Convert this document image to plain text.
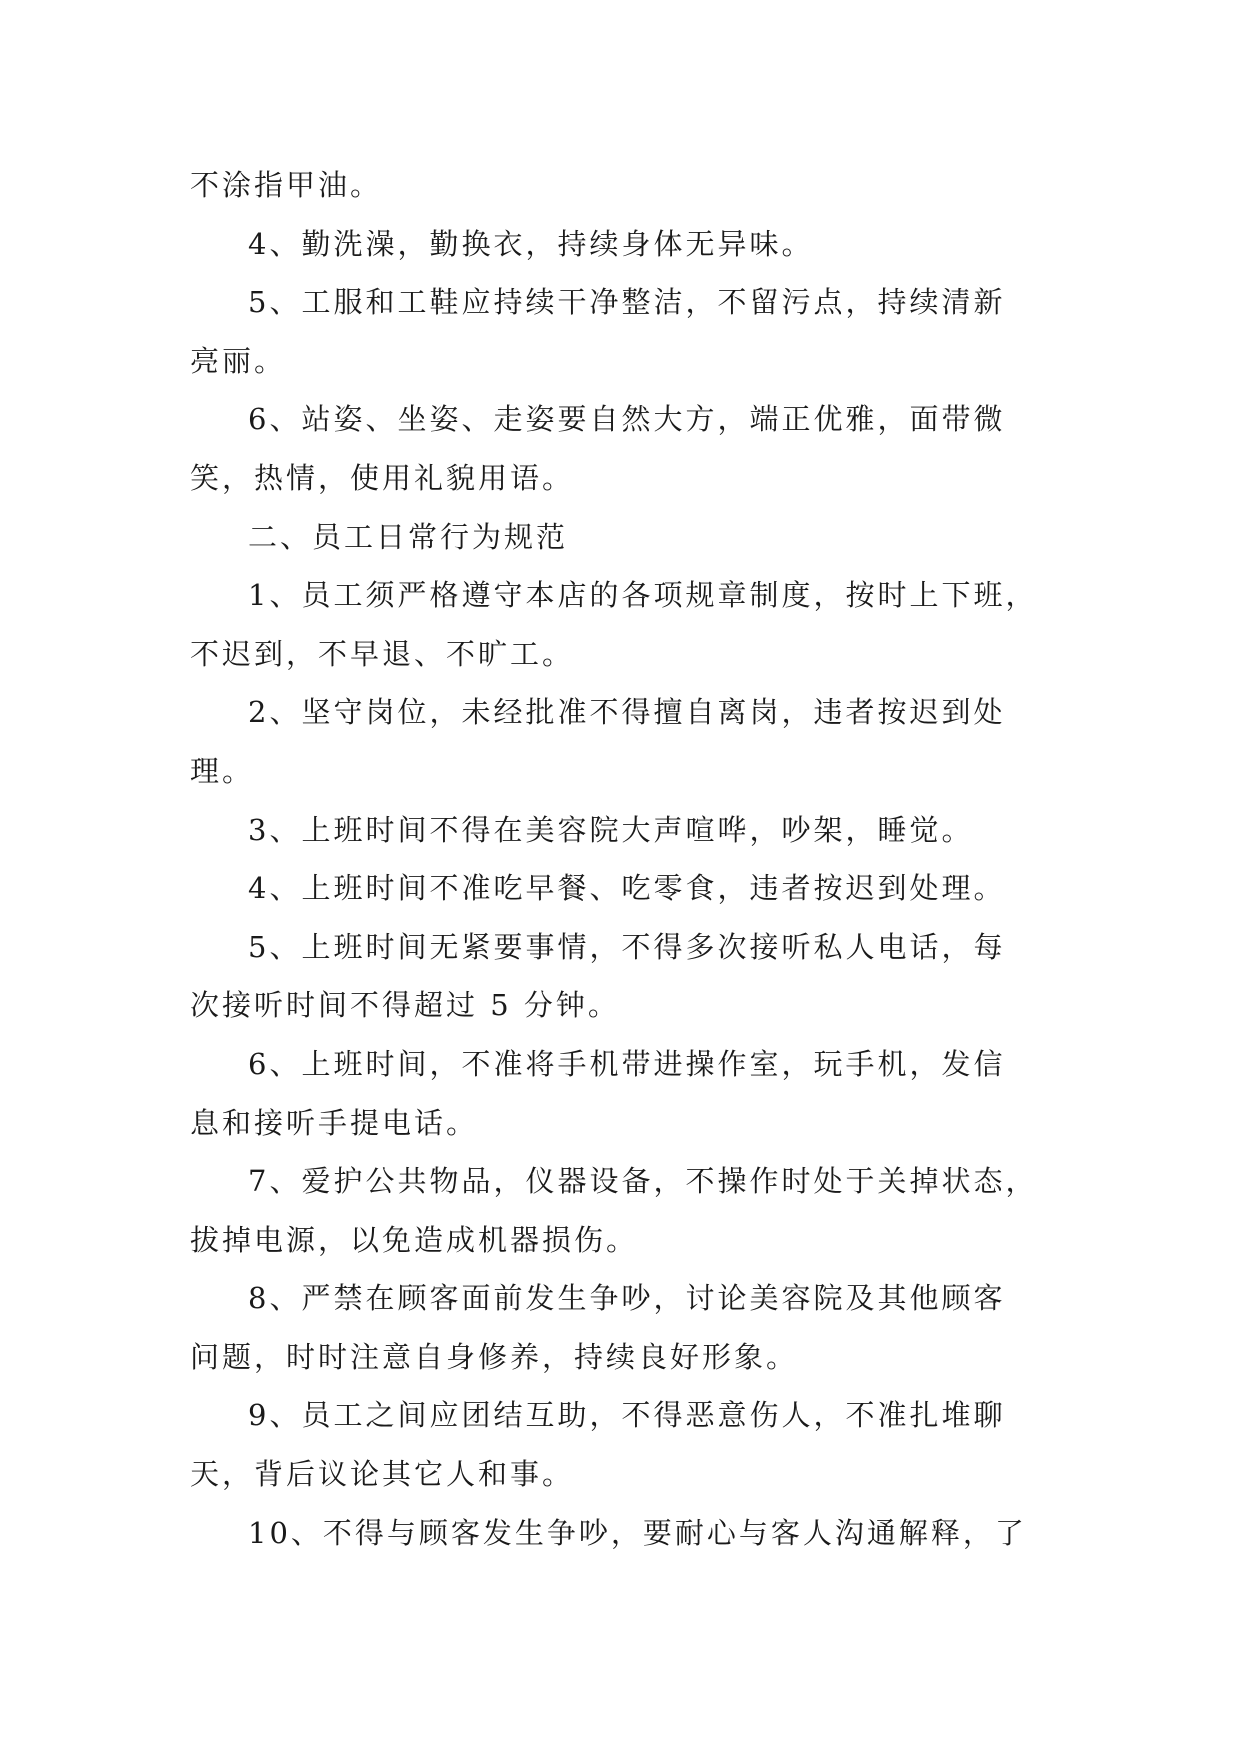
不涂指甲油。
4、勤洗澡，勤换衣，持续身体无异味。
5、工服和工鞋应持续干净整洁，不留污点，持续清新
亮丽。
6、站姿、坐姿、走姿要自然大方，端正优雅，面带微
笑，热情，使用礼貌用语。
二、员工日常行为规范
1、员工须严格遵守本店的各项规章制度，按时上下班，
不迟到，不早退、不旷工。
2、坚守岗位，未经批准不得擅自离岗，违者按迟到处
理。
3、上班时间不得在美容院大声喧哗，吵架，睡觉。
4、上班时间不准吃早餐、吃零食，违者按迟到处理。
5、上班时间无紧要事情，不得多次接听私人电话，每
次接听时间不得超过 5 分钟。
6、上班时间，不准将手机带进操作室，玩手机，发信
息和接听手提电话。
7、爱护公共物品，仪器设备，不操作时处于关掉状态，
拔掉电源，以免造成机器损伤。
8、严禁在顾客面前发生争吵，讨论美容院及其他顾客
问题，时时注意自身修养，持续良好形象。
9、员工之间应团结互助，不得恶意伤人，不准扎堆聊
天，背后议论其它人和事。
10、不得与顾客发生争吵，要耐心与客人沟通解释，了
